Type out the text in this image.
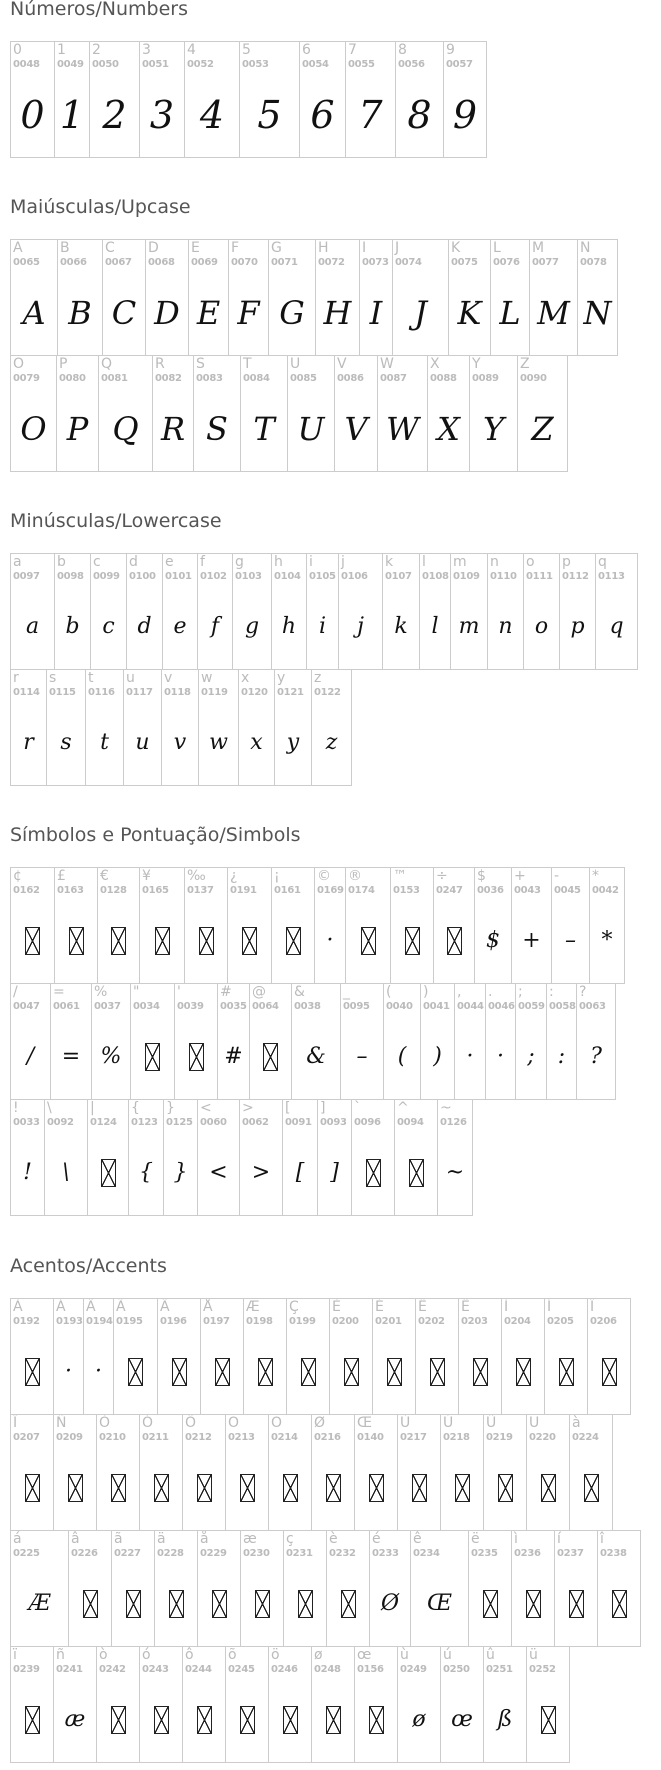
Números/Numbers
Maiúsculas/Upcase
Minúsculas/Lowercase
Símbolos e Pontuação/Simbols
Acentos/Accents
0
0048
0
1
0049
1
2
0050
2
3
0051
3
4
0052
4
5
0053
5
6
0054
6
7
0055
7
8
0056
8
9
0057
9
A
0065
A
B
0066
B
C
0067
C
D
0068
D
E
0069
E
F
0070
F
G
0071
G
H
0072
H
I
0073
I
J
0074
J
K
0075
K
L
0076
L
M
0077
M
N
0078
N
O
0079
O
P
0080
P
Q
0081
Q
R
0082
R
S
0083
S
T
0084
T
U
0085
U
V
0086
V
W
0087
W
X
0088
X
Y
0089
Y
Z
0090
Z
a
0097
a
b
0098
b
c
0099
c
d
0100
d
e
0101
e
f
0102
f
g
0103
g
h
0104
h
i
0105
i
j
0106
j
k
0107
k
l
0108
l
m
0109
m
n
0110
n
o
0111
o
p
0112
p
q
0113
q
r
0114
r
s
0115
s
t
0116
t
u
0117
u
v
0118
v
w
0119
w
x
0120
x
y
0121
y
z
0122
z
¢
0162
£
0163
€
0128
¥
0165
‰
0137
¿
0191
¡
0161
©
0169
·
®
0174
™
0153
÷
0247
$
0036
$
+
0043
+
-
0045
–
*
0042
*
/
0047
/
=
0061
=
%
0037
%
"
0034
'
0039
#
0035
#
@
0064
&
0038
&
_
0095
–
(
0040
(
)
0041
)
,
0044
·
.
0046
·
;
0059
;
:
0058
:
?
0063
?
!
0033
!
\
0092
\
|
0124
{
0123
{
}
0125
}
<
0060
<
>
0062
>
[
0091
[
]
0093
]
`
0096
^
0094
~
0126
~
À
0192
Á
0193
·
Â
0194
·
Ã
0195
Ä
0196
Å
0197
Æ
0198
Ç
0199
È
0200
É
0201
Ê
0202
Ë
0203
Ì
0204
Í
0205
Î
0206
Ï
0207
Ñ
0209
Ò
0210
Ó
0211
Ô
0212
Õ
0213
Ö
0214
Ø
0216
Œ
0140
Ù
0217
Ú
0218
Û
0219
Ü
0220
à
0224
á
0225
Æ
â
0226
ã
0227
ä
0228
å
0229
æ
0230
ç
0231
è
0232
é
0233
Ø
ê
0234
Œ
ë
0235
ì
0236
í
0237
î
0238
ï
0239
ñ
0241
æ
ò
0242
ó
0243
ô
0244
õ
0245
ö
0246
ø
0248
œ
0156
ù
0249
ø
ú
0250
œ
û
0251
ß
ü
0252
